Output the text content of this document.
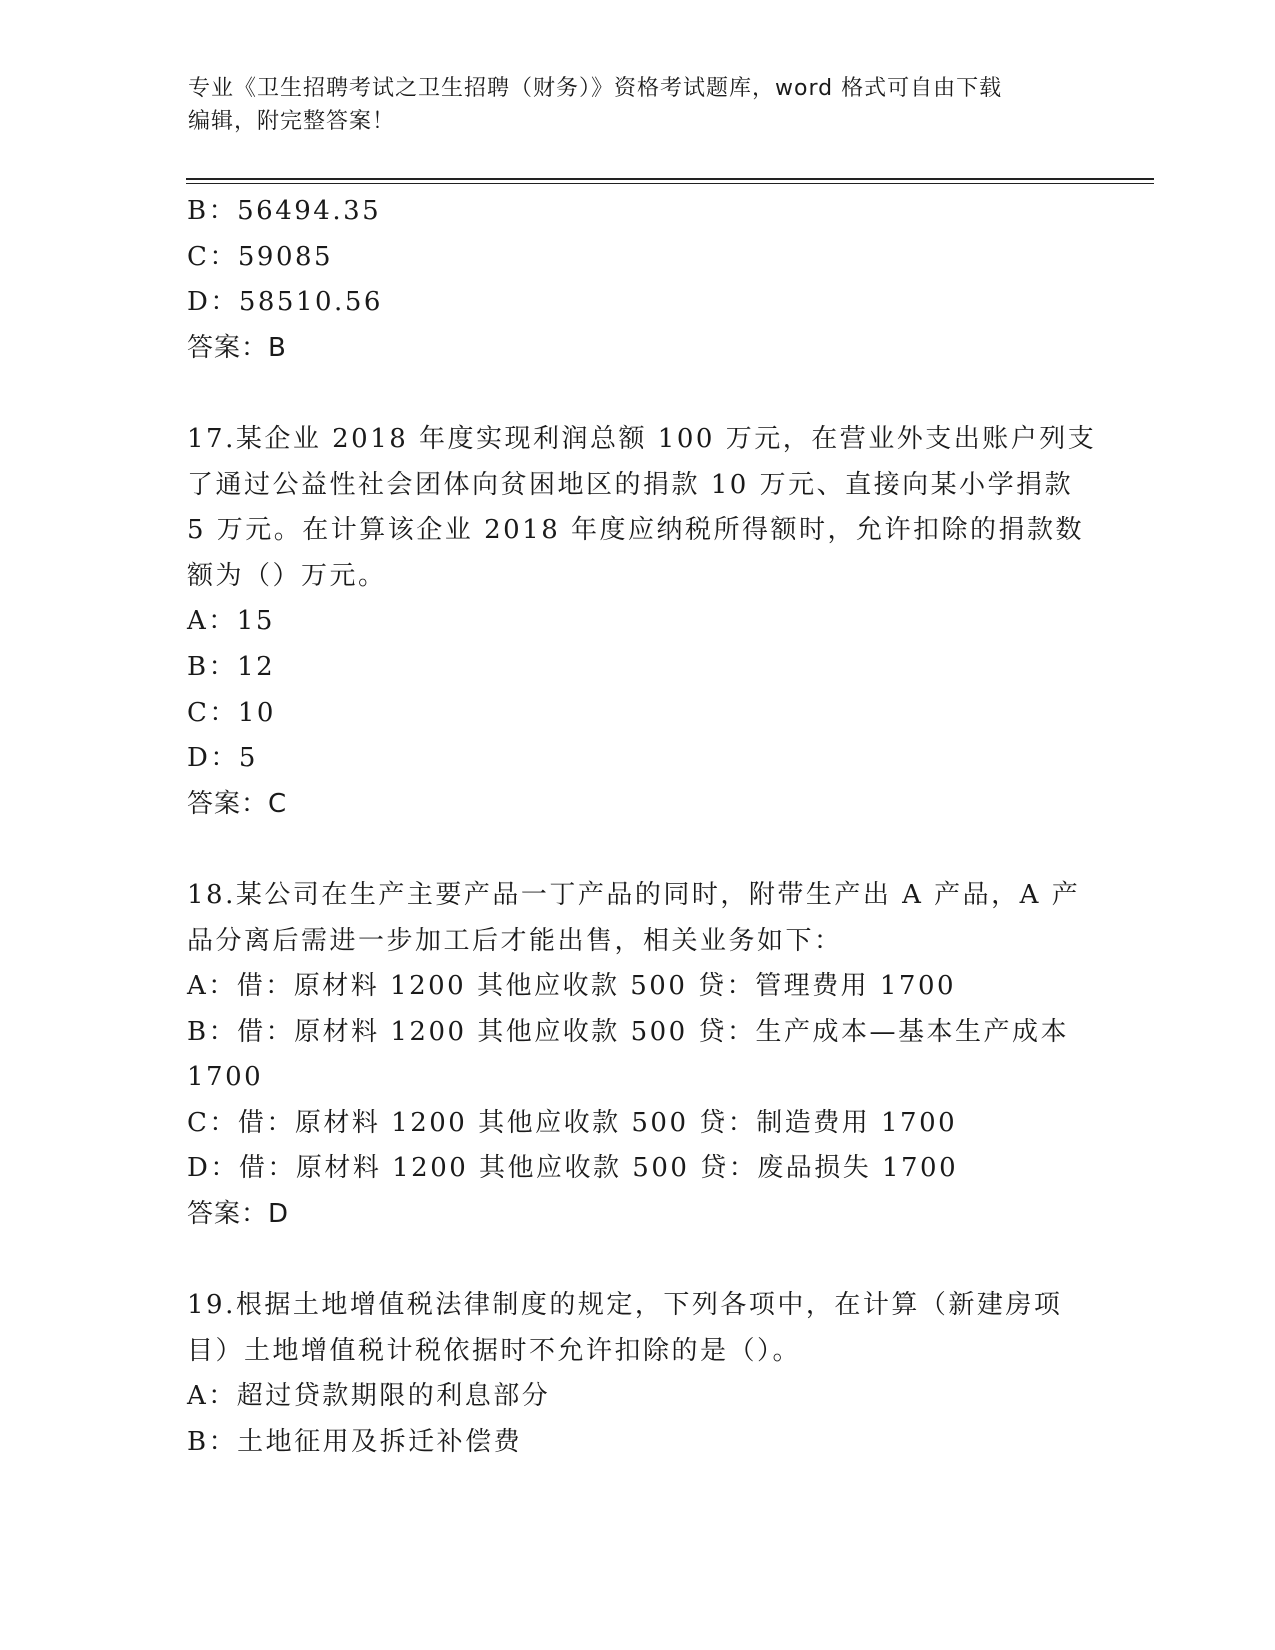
专业《卫生招聘考试之卫生招聘（财务）》资格考试题库，word 格式可自由下载
编辑，附完整答案！
B：56494.35
C：59085
D：58510.56
答案：B
17.某企业 2018 年度实现利润总额 100 万元，在营业外支出账户列支
了通过公益性社会团体向贫困地区的捐款 10 万元、直接向某小学捐款
5 万元。在计算该企业 2018 年度应纳税所得额时，允许扣除的捐款数
额为（）万元。
A：15
B：12
C：10
D：5
答案：C
18.某公司在生产主要产品一丁产品的同时，附带生产出 A 产品，A 产
品分离后需进一步加工后才能出售，相关业务如下：
A：借：原材料 1200 其他应收款 500 贷：管理费用 1700
B：借：原材料 1200 其他应收款 500 贷：生产成本—基本生产成本
1700
C：借：原材料 1200 其他应收款 500 贷：制造费用 1700
D：借：原材料 1200 其他应收款 500 贷：废品损失 1700
答案：D
19.根据土地增值税法律制度的规定，下列各项中，在计算（新建房项
目）土地增值税计税依据时不允许扣除的是（）。
A：超过贷款期限的利息部分
B：土地征用及拆迁补偿费
